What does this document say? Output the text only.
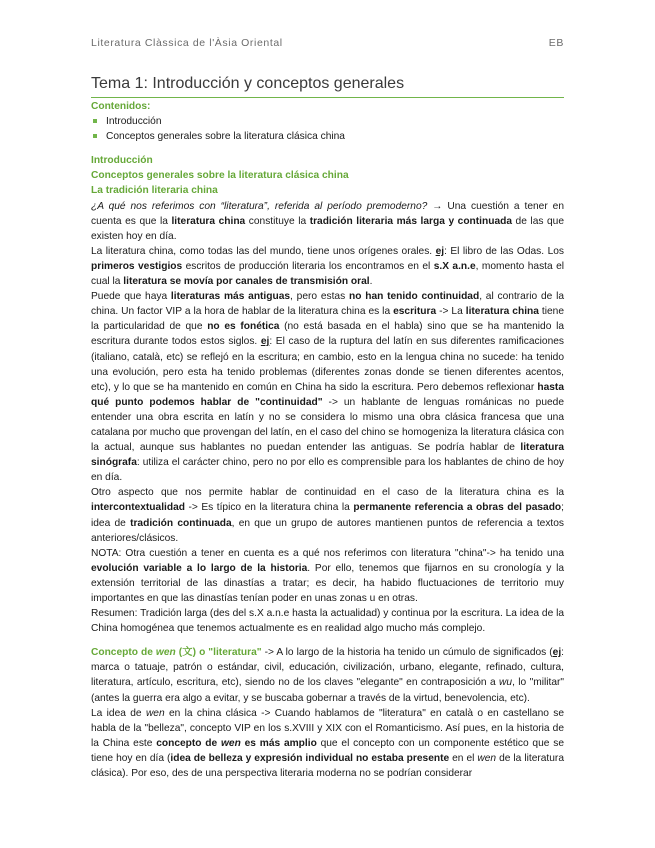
Literatura Clàssica de l'Àsia Oriental	EB
Tema 1: Introducción y conceptos generales
Contenidos:
Introducción
Conceptos generales sobre la literatura clásica china
Introducción
Conceptos generales sobre la literatura clásica china
La tradición literaria china

¿A qué nos referimos con “literatura”, referida al período premoderno? → Una cuestión a tener en cuenta es que la literatura china constituye la tradición literaria más larga y continuada de las que existen hoy en día.

La literatura china, como todas las del mundo, tiene unos orígenes orales. ej: El libro de las Odas. Los primeros vestigios escritos de producción literaria los encontramos en el s.X a.n.e, momento hasta el cual la literatura se movía por canales de transmisión oral.

Puede que haya literaturas más antiguas, pero estas no han tenido continuidad, al contrario de la china. Un factor VIP a la hora de hablar de la literatura china es la escritura -> La literatura china tiene la particularidad de que no es fonética (no está basada en el habla) sino que se ha mantenido la escritura durante todos estos siglos. ej: El caso de la ruptura del latín en sus diferentes ramificaciones (italiano, català, etc) se reflejó en la escritura; en cambio, esto en la lengua china no sucede: ha tenido una evolución, pero esta ha tenido problemas (diferentes zonas donde se tienen diferentes acentos, etc), y lo que se ha mantenido en común en China ha sido la escritura. Pero debemos reflexionar hasta qué punto podemos hablar de "continuidad" -> un hablante de lenguas románicas no puede entender una obra escrita en latín y no se considera lo mismo una obra clásica francesa que una catalana por mucho que provengan del latín, en el caso del chino se homogeniza la literatura clásica con la actual, aunque sus hablantes no puedan entender las antiguas. Se podría hablar de literatura sinógrafa: utiliza el carácter chino, pero no por ello es comprensible para los hablantes de chino de hoy en día.

Otro aspecto que nos permite hablar de continuidad en el caso de la literatura china es la intercontextualidad -> Es típico en la literatura china la permanente referencia a obras del pasado; idea de tradición continuada, en que un grupo de autores mantienen puntos de referencia a textos anteriores/clásicos.

NOTA: Otra cuestión a tener en cuenta es a qué nos referimos con literatura "china"-> ha tenido una evolución variable a lo largo de la historia. Por ello, tenemos que fijarnos en su cronología y la extensión territorial de las dinastías a tratar; es decir, ha habido fluctuaciones de territorio muy importantes en que las dinastías tenían poder en unas zonas u en otras.

Resumen: Tradición larga (des del s.X a.n.e hasta la actualidad) y continua por la escritura. La idea de la China homogénea que tenemos actualmente es en realidad algo mucho más complejo.

Concepto de wen (文) o "literatura" -> A lo largo de la historia ha tenido un cúmulo de significados (ej: marca o tatuaje, patrón o estándar, civil, educación, civilización, urbano, elegante, refinado, cultura, literatura, artículo, escritura, etc), siendo no de los claves "elegante" en contraposición a wu, lo "militar" (antes la guerra era algo a evitar, y se buscaba gobernar a través de la virtud, benevolencia, etc).

La idea de wen en la china clásica -> Cuando hablamos de "literatura" en català o en castellano se habla de la "belleza", concepto VIP en los s.XVIII y XIX con el Romanticismo. Así pues, en la historia de la China este concepto de wen es más amplio que el concepto con un componente estético que se tiene hoy en día (idea de belleza y expresión individual no estaba presente en el wen de la literatura clásica). Por eso, des de una perspectiva literaria moderna no se podrían considerar
